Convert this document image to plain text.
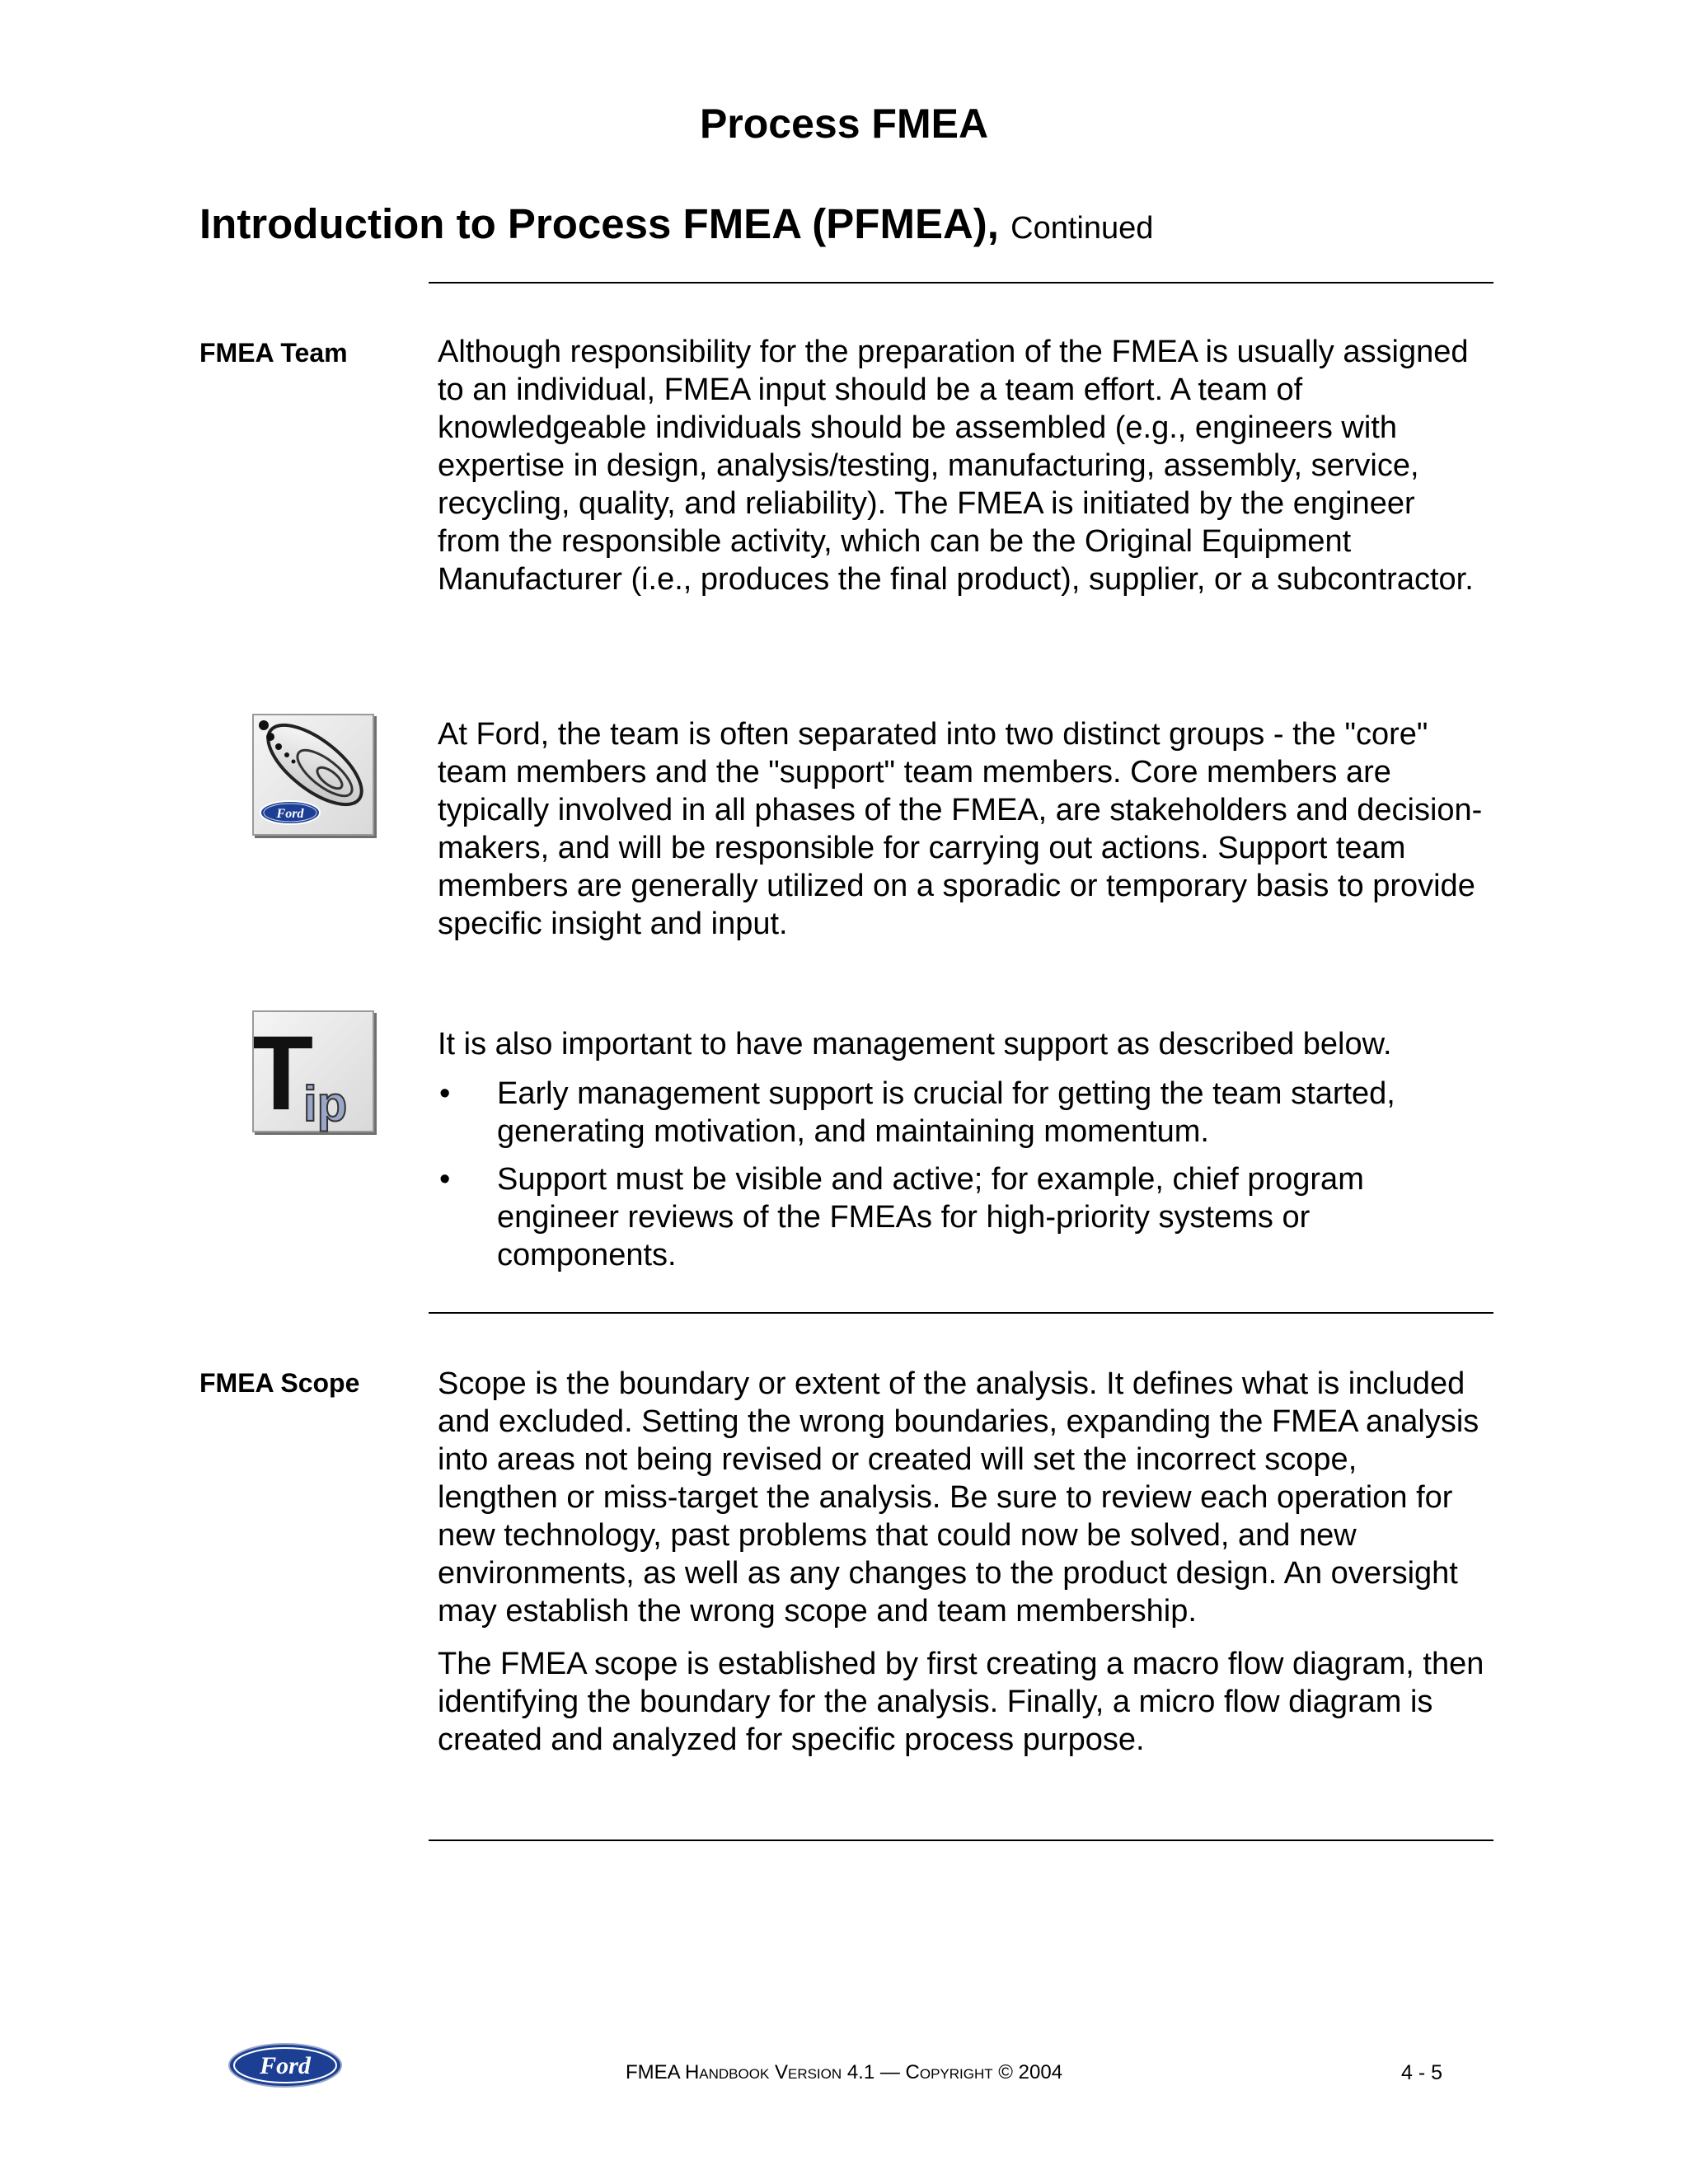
Process FMEA
Introduction to Process FMEA (PFMEA), Continued
FMEA Team	Although responsibility for the preparation of the FMEA is usually assigned to an individual, FMEA input should be a team effort. A team of knowledgeable individuals should be assembled (e.g., engineers with expertise in design, analysis/testing, manufacturing, assembly, service, recycling, quality, and reliability). The FMEA is initiated by the engineer from the responsible activity, which can be the Original Equipment Manufacturer (i.e., produces the final product), supplier, or a subcontractor.

Ford

At Ford, the team is often separated into two distinct groups - the "core" team members and the "support" team members. Core members are typically involved in all phases of the FMEA, are stakeholders and decision-makers, and will be responsible for carrying out actions. Support team members are generally utilized on a sporadic or temporary basis to provide specific insight and input.

T
ip

It is also important to have management support as described below.

• Early management support is crucial for getting the team started, generating motivation, and maintaining momentum.
• Support must be visible and active; for example, chief program engineer reviews of the FMEAs for high-priority systems or components.
FMEA Scope Scope is the boundary or extent of the analysis. It defines what is included and excluded. Setting the wrong boundaries, expanding the FMEA analysis into areas not being revised or created will set the incorrect scope, lengthen or miss-target the analysis. Be sure to review each operation for new technology, past problems that could now be solved, and new environments, as well as any changes to the product design. An oversight may establish the wrong scope and team membership.

The FMEA scope is established by first creating a macro flow diagram, then identifying the boundary for the analysis. Finally, a micro flow diagram is created and analyzed for specific process purpose.

Ford	FMEA Handbook Version 4.1 — Copyright © 2004	4 - 5
